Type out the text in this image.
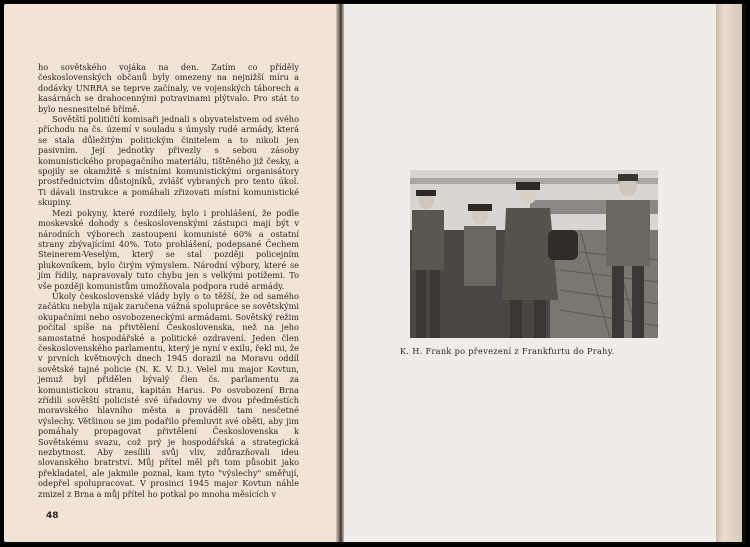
ho sovětského vojáka na den. Zatím co příděly československých občanů byly omezeny na nejnižší míru a dodávky UNRRA se teprve začínaly, ve vojenských táborech a kasárnách se drahocennými potravinami plýtvalo. Pro stát to bylo nesnesitelné břímě.

Sovětští političtí komisaři jednali s obyvatelstvem od svého příchodu na čs. území v souladu s úmysly rudé armády, která se stala důležitým politickým činitelem a to nikoli jen pasivním. Její jednotky přivezly s sebou zásoby komunistického propagačního materiálu, tištěného již česky, a spojily se okamžitě s místními komunistickými organisátory prostřednictvím důstojníků, zvlášť vybraných pro tento úkol. Ti dávali instrukce a pomáhali zřizovati místní komunistické skupiny.

Mezi pokyny, které rozdílely, bylo i prohlášení, že podle moskevské dohody s československými zástupci mají být v národních výborech zastoupeni komunisté 60% a ostatní strany zbývajícími 40%. Toto prohlášení, podepsané Čechem Steinerem-Veselým, který se stal později policejním plukovníkem, bylo čirým výmyslem. Národní výbory, které se jím řídily, napravovaly tuto chybu jen s velkými potížemi. To vše později komunistům umožňovala podpora rudé armády.

Úkoly československé vlády byly o to těžší, že od samého začátku nebyla nijak zaručena vážná spolupráce se sovětskými okupačními nebo osvobozeneckými armádami. Sovětský režim počítal spíše na přivtělení Československa, než na jeho samostatné hospodářské a politické ozdravení. Jeden člen československého parlamentu, který je nyní v exilu, řekl mi, že v prvních květnových dnech 1945 dorazil na Moravu oddíl sovětské tajné policie (N. K. V. D.). Velel mu major Kovtun, jemuž byl přidělen bývalý člen čs. parlamentu za komunistickou stranu, kapitán Harus. Po osvobození Brna zřídili sovětští policisté své úřadovny ve dvou předměstích moravského hlavního města a prováděli tam nesčetné výslechy. Většinou se jim podařilo přemluvit své oběti, aby jim pomáhaly propagovat přivtělení Československa k Sovětskému svazu, což prý je hospodářská a strategická nezbytnost. Aby zesílili svůj vliv, zdůrazňovali ideu slovanského bratrství. Můj přítel měl při tom působit jako překladatel, ale jakmile poznal, kam tyto "výslechy" směřují, odepřel spolupracovat. V prosinci 1945 major Kovtun náhle zmizel z Brna a můj přítel ho potkal po mnoha měsících v

48
K. H. Frank po převezení z Frankfurtu do Prahy.
